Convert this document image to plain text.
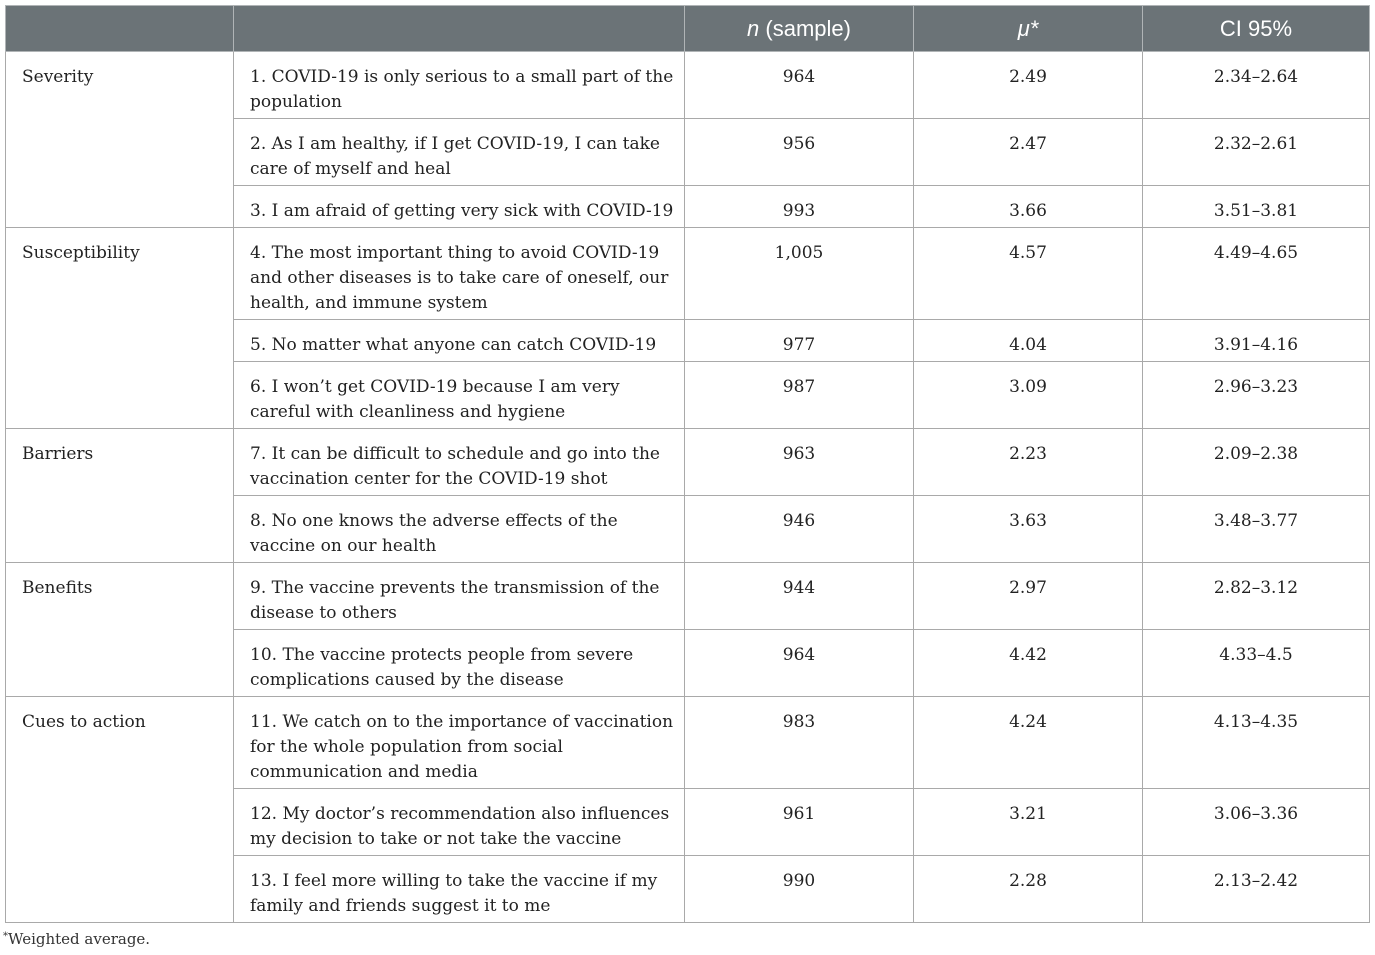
		n (sample)	μ*	CI 95%
Severity	1. COVID-19 is only serious to a small part of the population	964	2.49	2.34–2.64
	2. As I am healthy, if I get COVID-19, I can take care of myself and heal	956	2.47	2.32–2.61
	3. I am afraid of getting very sick with COVID-19	993	3.66	3.51–3.81
Susceptibility	4. The most important thing to avoid COVID-19 and other diseases is to take care of oneself, our health, and immune system	1,005	4.57	4.49–4.65
	5. No matter what anyone can catch COVID-19	977	4.04	3.91–4.16
	6. I won’t get COVID-19 because I am very careful with cleanliness and hygiene	987	3.09	2.96–3.23
Barriers	7. It can be difficult to schedule and go into the vaccination center for the COVID-19 shot	963	2.23	2.09–2.38
	8. No one knows the adverse effects of the vaccine on our health	946	3.63	3.48–3.77
Benefits	9. The vaccine prevents the transmission of the disease to others	944	2.97	2.82–3.12
	10. The vaccine protects people from severe complications caused by the disease	964	4.42	4.33–4.5
Cues to action	11. We catch on to the importance of vaccination for the whole population from social communication and media	983	4.24	4.13–4.35
	12. My doctor’s recommendation also influences my decision to take or not take the vaccine	961	3.21	3.06–3.36
	13. I feel more willing to take the vaccine if my family and friends suggest it to me	990	2.28	2.13–2.42
*Weighted average.
